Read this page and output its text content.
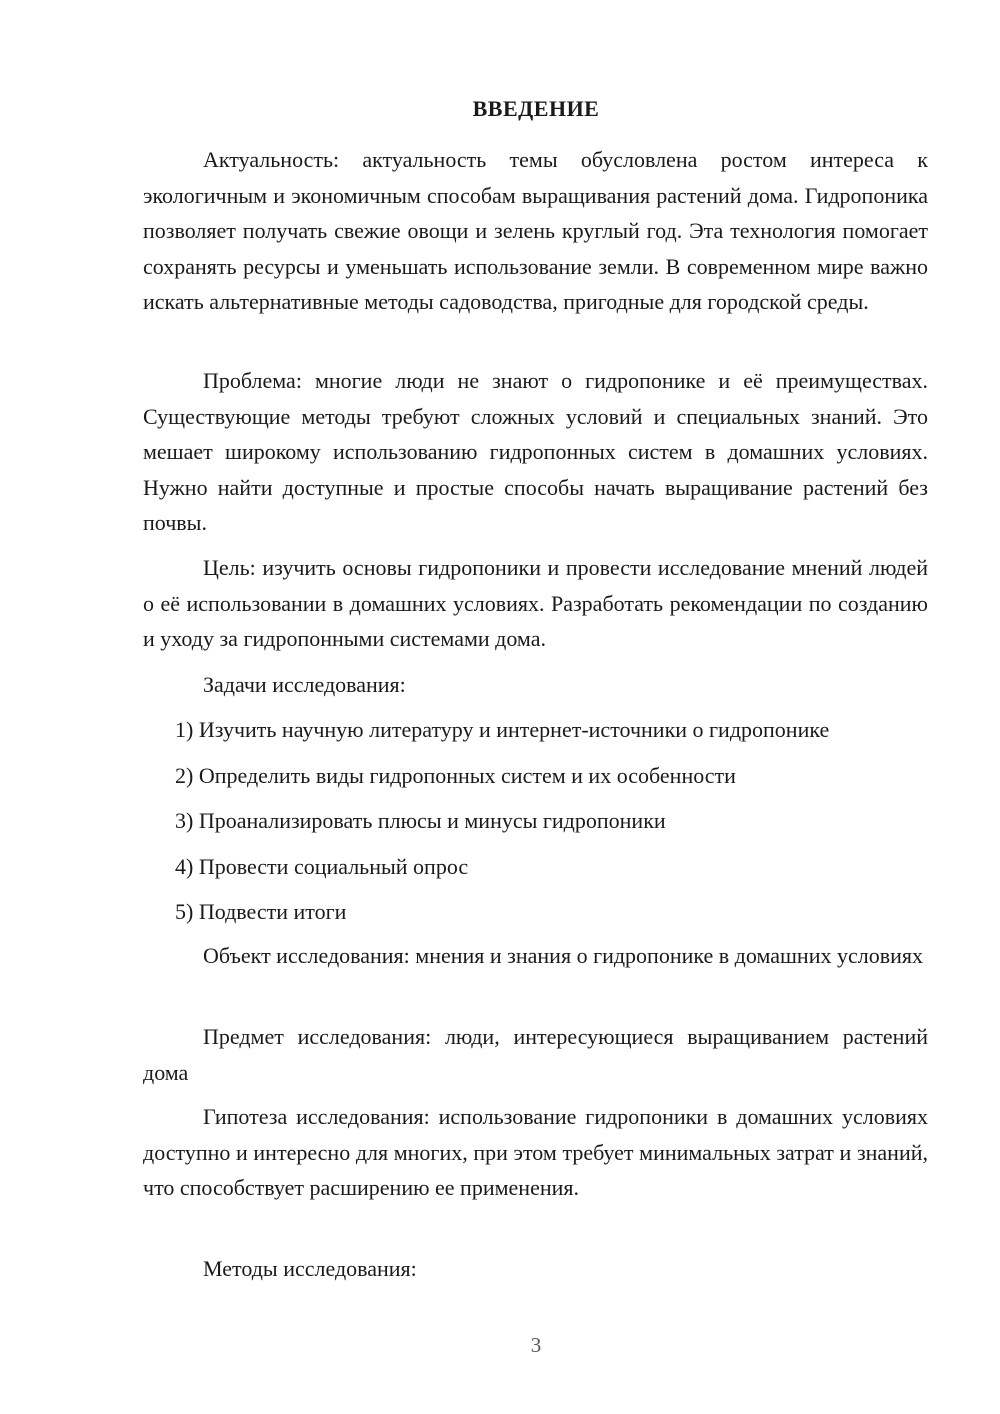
ВВЕДЕНИЕ

Актуальность: актуальность темы обусловлена ростом интереса к экологичным и экономичным способам выращивания растений дома. Гидропоника позволяет получать свежие овощи и зелень круглый год. Эта технология помогает сохранять ресурсы и уменьшать использование земли. В современном мире важно искать альтернативные методы садоводства, пригодные для городской среды.

Проблема: многие люди не знают о гидропонике и её преимуществах. Существующие методы требуют сложных условий и специальных знаний. Это мешает широкому использованию гидропонных систем в домашних условиях. Нужно найти доступные и простые способы начать выращивание растений без почвы.

Цель: изучить основы гидропоники и провести исследование мнений людей о её использовании в домашних условиях. Разработать рекомендации по созданию и уходу за гидропонными системами дома.

Задачи исследования:

1) Изучить научную литературу и интернет-источники о гидропонике

2) Определить виды гидропонных систем и их особенности

3) Проанализировать плюсы и минусы гидропоники

4) Провести социальный опрос

5) Подвести итоги

Объект исследования: мнения и знания о гидропонике в домашних условиях

Предмет исследования: люди, интересующиеся выращиванием растений дома

Гипотеза исследования: использование гидропоники в домашних условиях доступно и интересно для многих, при этом требует минимальных затрат и знаний, что способствует расширению ее применения.

Методы исследования:

3
